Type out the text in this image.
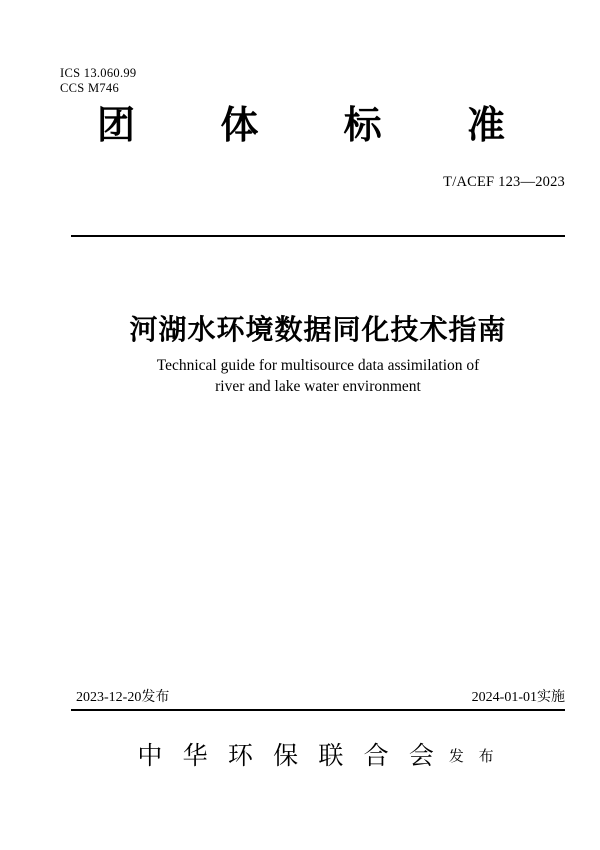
ICS 13.060.99
CCS M746
团 体 标 准
T/ACEF 123—2023
河湖水环境数据同化技术指南
Technical guide for multisource data assimilation of
river and lake water environment
2023-12-20发布	2024-01-01实施
中 华 环 保 联 合 会 发 布
